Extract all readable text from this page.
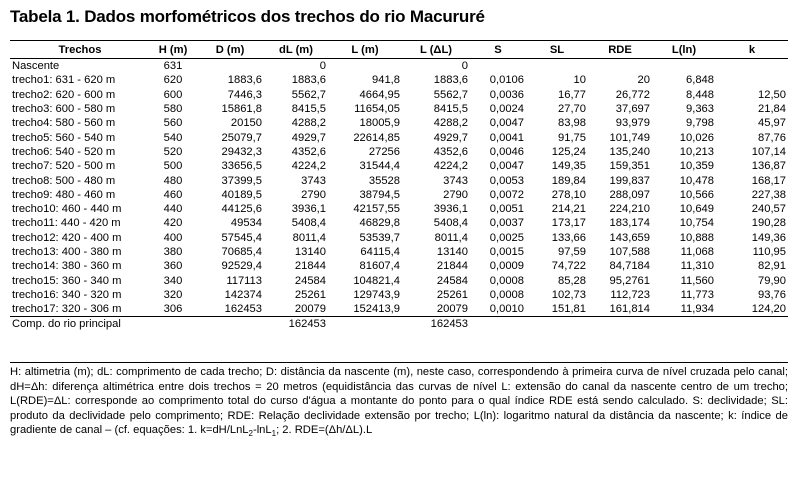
Tabela 1. Dados morfométricos dos trechos do rio Macururé
Trechos	H (m)	D (m)	dL (m)	L (m)	L (ΔL)	S	SL	RDE	L(ln)	k
Nascente	631		0		0					
trecho1: 631 - 620 m	620	1883,6	1883,6	941,8	1883,6	0,0106	10	20	6,848	
trecho2: 620 - 600 m	600	7446,3	5562,7	4664,95	5562,7	0,0036	16,77	26,772	8,448	12,50
trecho3: 600 - 580 m	580	15861,8	8415,5	11654,05	8415,5	0,0024	27,70	37,697	9,363	21,84
trecho4: 580 - 560 m	560	20150	4288,2	18005,9	4288,2	0,0047	83,98	93,979	9,798	45,97
trecho5: 560 - 540 m	540	25079,7	4929,7	22614,85	4929,7	0,0041	91,75	101,749	10,026	87,76
trecho6: 540 - 520 m	520	29432,3	4352,6	27256	4352,6	0,0046	125,24	135,240	10,213	107,14
trecho7: 520 - 500 m	500	33656,5	4224,2	31544,4	4224,2	0,0047	149,35	159,351	10,359	136,87
trecho8: 500 - 480 m	480	37399,5	3743	35528	3743	0,0053	189,84	199,837	10,478	168,17
trecho9: 480 - 460 m	460	40189,5	2790	38794,5	2790	0,0072	278,10	288,097	10,566	227,38
trecho10: 460 - 440 m	440	44125,6	3936,1	42157,55	3936,1	0,0051	214,21	224,210	10,649	240,57
trecho11: 440 - 420 m	420	49534	5408,4	46829,8	5408,4	0,0037	173,17	183,174	10,754	190,28
trecho12: 420 - 400 m	400	57545,4	8011,4	53539,7	8011,4	0,0025	133,66	143,659	10,888	149,36
trecho13: 400 - 380 m	380	70685,4	13140	64115,4	13140	0,0015	97,59	107,588	11,068	110,95
trecho14: 380 - 360 m	360	92529,4	21844	81607,4	21844	0,0009	74,722	84,7184	11,310	82,91
trecho15: 360 - 340 m	340	117113	24584	104821,4	24584	0,0008	85,28	95,2761	11,560	79,90
trecho16: 340 - 320 m	320	142374	25261	129743,9	25261	0,0008	102,73	112,723	11,773	93,76
trecho17: 320 - 306 m	306	162453	20079	152413,9	20079	0,0010	151,81	161,814	11,934	124,20
Comp. do rio principal			162453		162453					
H: altimetria (m); dL: comprimento de cada trecho; D: distância da nascente (m), neste caso, correspondendo à primeira curva de nível cruzada pelo canal; dH=Δh: diferença altimétrica entre dois trechos = 20 metros (equidistância das curvas de nível L: extensão do canal da nascente centro de um trecho; L(RDE)=ΔL: corresponde ao comprimento total do curso d'água a montante do ponto para o qual índice RDE está sendo calculado. S: declividade; SL: produto da declividade pelo comprimento; RDE: Relação declividade extensão por trecho; L(ln): logaritmo natural da distância da nascente; k: índice de gradiente de canal – (cf. equações: 1. k=dH/LnL$_2$-lnL$_1$; 2. RDE=(Δh/ΔL).L
